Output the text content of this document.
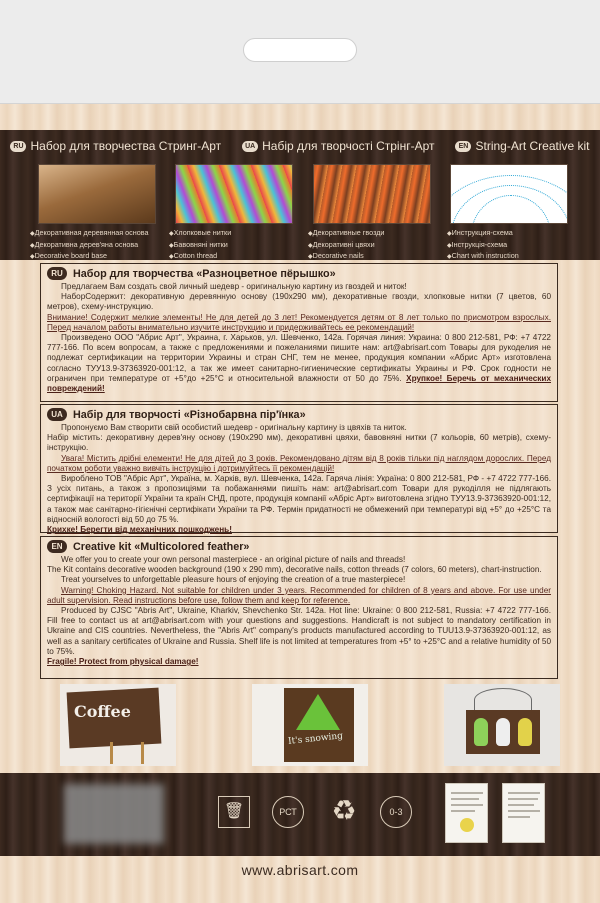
RU Набор для творчества Стринг-Арт	UA Набір для творчості Стрінг-Арт	EN String-Art Creative kit
◆ Декоративная деревянная основа
◆ Декоративна дерев'яна основа
◆ Decorative board base
◆ Хлопковые нитки
◆ Бавовняні нитки
◆ Cotton thread
◆ Декоративные гвозди
◆ Декоративні цвяхи
◆ Decorative nails
◆ Инструкция-схема
◆ Інструкція-схема
◆ Chart with instruction
RU Набор для творчества «Разноцветное пёрышко»

Предлагаем Вам создать свой личный шедевр - оригинальную картину из гвоздей и ниток!

НаборСодержит: декоративную деревянную основу (190x290 мм), декоративные гвозди, хлопковые нитки (7 цветов, 60 метров), схему-инструкцию.

Внимание! Содержит мелкие элементы! Не для детей до 3 лет! Рекомендуется детям от 8 лет только по присмотром взрослых. Перед началом работы внимательно изучите инструкцию и придерживайтесь ее рекомендаций!

Произведено ООО "Абрис Арт", Украина, г. Харьков, ул. Шевченко, 142а. Горячая линия: Украина: 0 800 212-581, РФ: +7 4722 777-166. По всем вопросам, а также с предложениями и пожеланиями пишите нам: art@abrisart.com Товары для рукоделия не подлежат сертификации на территории Украины и стран СНГ, тем не менее, продукция компании «Абрис Арт» изготовлена согласно ТУУ13.9-37363920-001:12, а так же имеет санитарно-гигиенические сертификаты Украины и РФ. Срок годности не ограничен при температуре от +5°до +25°С и относительной влажности от 50 до 75%. Хрупкое! Беречь от механических повреждений!

UA Набір для творчості «Різнобарвна пір'їнка»

Пропонуємо Вам створити свій особистий шедевр - оригінальну картину із цвяхів та ниток.

Набір містить: декоративну дерев'яну основу (190х290 мм), декоративні цвяхи, бавовняні нитки (7 кольорів, 60 метрів), схему-інструкцію.

Увага! Містить дрібні елементи! Не для дітей до 3 років. Рекомендовано дітям від 8 років тільки під наглядом дорослих. Перед початком роботи уважно вивчіть інструкцію і дотримуйтесь її рекомендацій!

Вироблено ТОВ "Абріс Арт", Україна, м. Харків, вул. Шевченка, 142а. Гаряча лінія: Україна: 0 800 212-581, РФ - +7 4722 777-166. З усіх питань, а також з пропозиціями та побажаннями пишіть нам: art@abrisart.com Товари для рукоділля не підлягають сертифікації на території України та країн СНД, проте, продукція компанії «Абріс Арт» виготовлена згідно ТУУ13.9-37363920-001:12, а також має санітарно-гігієнічні сертифікати України та РФ. Термін придатності не обмежений при температурі від +5° до +25°С та відносній вологості від 50 до 75 %.

Крихке! Берегти від механічних пошкоджень!

EN Creative kit «Multicolored feather»

We offer you to create your own personal masterpiece - an original picture of nails and threads!

The Kit contains decorative wooden background (190 x 290 mm), decorative nails, cotton threads (7 colors, 60 meters), chart-instruction.

Treat yourselves to unforgettable pleasure hours of enjoying the creation of a true masterpiece!

Warning! Choking Hazard. Not suitable for children under 3 years. Recommended for children of 8 years and above. For use under adult supervision. Read instructions before use, follow them and keep for reference.

Produced by CJSC "Abris Art", Ukraine, Kharkiv, Shevchenko Str. 142a. Hot line: Ukraine: 0 800 212-581, Russia: +7 4722 777-166. Fill free to contact us at art@abrisart.com with your questions and suggestions. Handicraft is not subject to mandatory certification in Ukraine and CIS countries. Nevertheless, the "Abris Art" company's products manufactured according to TUU13.9-37363920-001:12, as well as a sanitary certificates of Ukraine and Russia. Shelf life is not limited at temperatures from +5° to +25°C and a relative humidity of 50 to 75%.

Fragile! Protect from physical damage!

Coffee
It's snowing
🗑	РСТ ♻	0-3
www.abrisart.com
